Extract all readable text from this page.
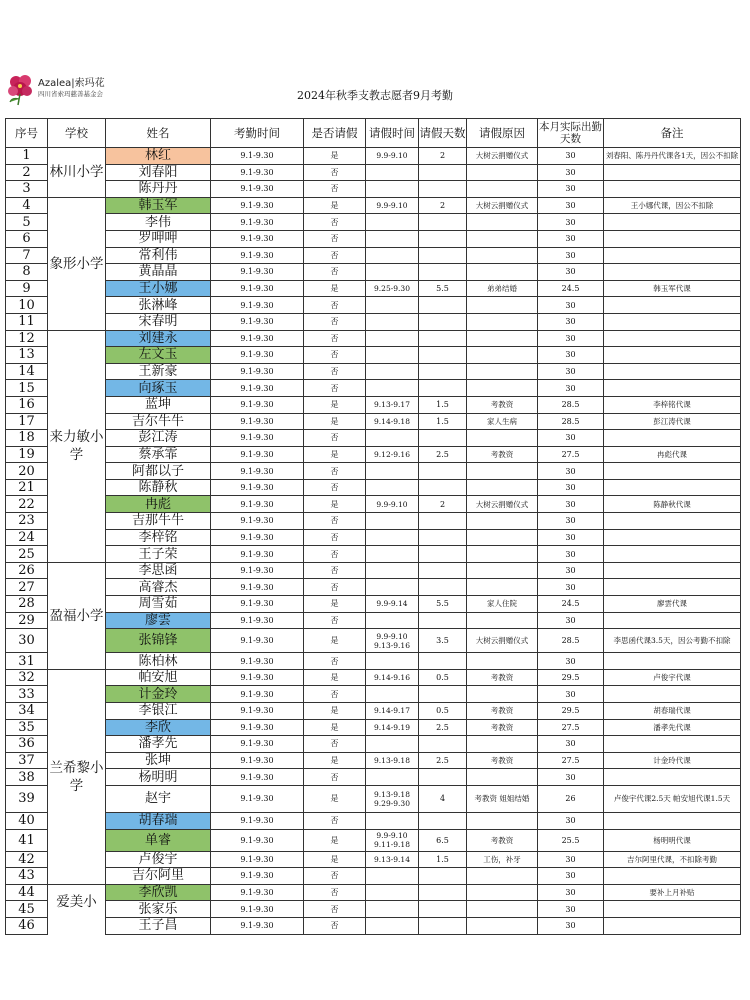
Azalea|索玛花
四川省索玛慈善基金会	2024年秋季支教志愿者9月考勤
序号	学校	姓名	考勤时间	是否请假	请假时间	请假天数	请假原因	本月实际出勤天数	备注
1	林川小学	林红	9.1-9.30	是	9.9-9.10	2	大树云捐赠仪式	30	刘春阳、陈丹丹代课各1天，因公不扣除
2		刘春阳	9.1-9.30	否				30	
3		陈丹丹	9.1-9.30	否				30	
4	象形小学	韩玉军	9.1-9.30	是	9.9-9.10	2	大树云捐赠仪式	30	王小娜代课，因公不扣除
5		李伟	9.1-9.30	否				30	
6		罗呷呷	9.1-9.30	否				30	
7		常利伟	9.1-9.30	否				30	
8		黄晶晶	9.1-9.30	否				30	
9		王小娜	9.1-9.30	是	9.25-9.30	5.5	弟弟结婚	24.5	韩玉军代课
10		张淋峰	9.1-9.30	否				30	
11		宋春明	9.1-9.30	否				30	
12	来力敏小学	刘建永	9.1-9.30	否				30	
13		左文玉	9.1-9.30	否				30	
14		王新豪	9.1-9.30	否				30	
15		向琢玉	9.1-9.30	否				30	
16		蓝坤	9.1-9.30	是	9.13-9.17	1.5	考教资	28.5	李梓铭代课
17		吉尔牛牛	9.1-9.30	是	9.14-9.18	1.5	家人生病	28.5	彭江涛代课
18		彭江涛	9.1-9.30	否				30	
19		蔡承霏	9.1-9.30	是	9.12-9.16	2.5	考教资	27.5	冉彪代课
20		阿都以子	9.1-9.30	否				30	
21		陈静秋	9.1-9.30	否				30	
22		冉彪	9.1-9.30	是	9.9-9.10	2	大树云捐赠仪式	30	陈静秋代课
23		吉那牛牛	9.1-9.30	否				30	
24		李梓铭	9.1-9.30	否				30	
25		王子荣	9.1-9.30	否				30	
26	盈福小学	李思函	9.1-9.30	否				30	
27		高睿杰	9.1-9.30	否				30	
28		周雪茹	9.1-9.30	是	9.9-9.14	5.5	家人住院	24.5	廖雲代课
29		廖雲	9.1-9.30	否				30	
30		张锦锋	9.1-9.30	是	9.9-9.10 9.13-9.16	3.5	大树云捐赠仪式	28.5	李思函代课3.5天，因公考勤不扣除
31		陈柏林	9.1-9.30	否				30	
32	兰希黎小学	帕安旭	9.1-9.30	是	9.14-9.16	0.5	考教资	29.5	卢俊宇代课
33		计金玲	9.1-9.30	否				30	
34		李银江	9.1-9.30	是	9.14-9.17	0.5	考教资	29.5	胡春瑞代课
35		李欣	9.1-9.30	是	9.14-9.19	2.5	考教资	27.5	潘孝先代课
36		潘孝先	9.1-9.30	否				30	
37		张坤	9.1-9.30	是	9.13-9.18	2.5	考教资	27.5	计金玲代课
38		杨明明	9.1-9.30	否				30	
39		赵宇	9.1-9.30	是	9.13-9.18 9.29-9.30	4	考教资 姐姐结婚	26	卢俊宇代课2.5天 帕安旭代课1.5天
40		胡春瑞	9.1-9.30	否				30	
41		单睿	9.1-9.30	是	9.9-9.10 9.11-9.18	6.5	考教资	25.5	杨明明代课
42		卢俊宇	9.1-9.30	是	9.13-9.14	1.5	工伤，补牙	30	吉尔阿里代课，不扣除考勤
43		吉尔阿里	9.1-9.30	否				30	
44	爱美小	李欣凯	9.1-9.30	否				30	要补上月补贴
45		张家乐	9.1-9.30	否				30	
46		王子昌	9.1-9.30	否				30	
